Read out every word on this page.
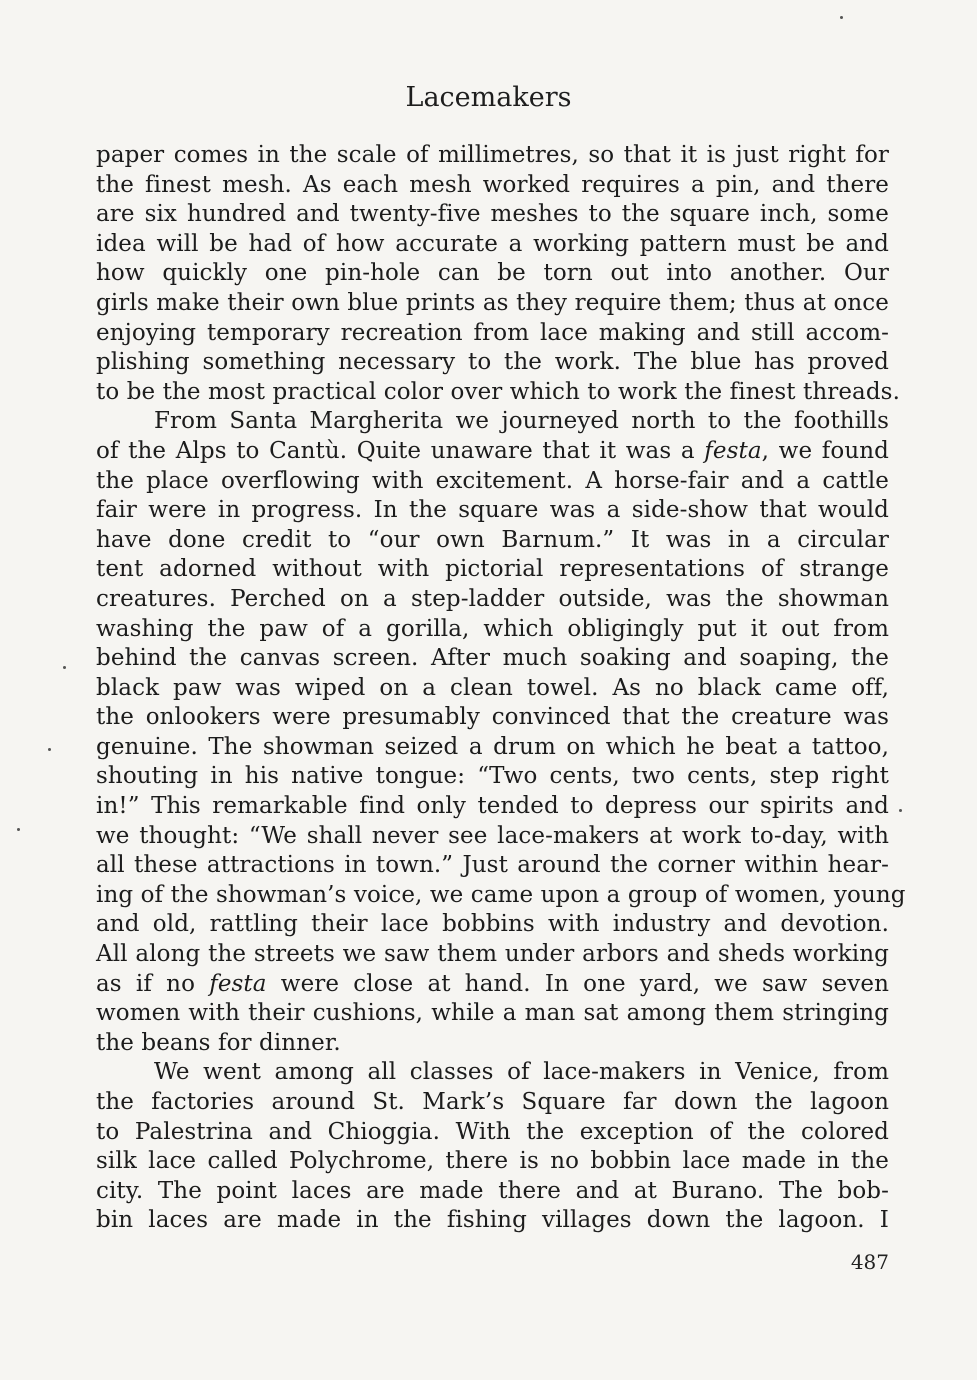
Lacemakers
paper comes in the scale of millimetres, so that it is just right for
the finest mesh. As each mesh worked requires a pin, and there
are six hundred and twenty-five meshes to the square inch, some
idea will be had of how accurate a working pattern must be and
how quickly one pin-hole can be torn out into another. Our
girls make their own blue prints as they require them; thus at once
enjoying temporary recreation from lace making and still accom-
plishing something necessary to the work. The blue has proved
to be the most practical color over which to work the finest threads.
From Santa Margherita we journeyed north to the foothills
of the Alps to Cantù. Quite unaware that it was a festa, we found
the place overflowing with excitement. A horse-fair and a cattle
fair were in progress. In the square was a side-show that would
have done credit to “our own Barnum.” It was in a circular
tent adorned without with pictorial representations of strange
creatures. Perched on a step-ladder outside, was the showman
washing the paw of a gorilla, which obligingly put it out from
behind the canvas screen. After much soaking and soaping, the
black paw was wiped on a clean towel. As no black came off,
the onlookers were presumably convinced that the creature was
genuine. The showman seized a drum on which he beat a tattoo,
shouting in his native tongue: “Two cents, two cents, step right
in!” This remarkable find only tended to depress our spirits and
we thought: “We shall never see lace-makers at work to-day, with
all these attractions in town.” Just around the corner within hear-
ing of the showman’s voice, we came upon a group of women, young
and old, rattling their lace bobbins with industry and devotion.
All along the streets we saw them under arbors and sheds working
as if no festa were close at hand. In one yard, we saw seven
women with their cushions, while a man sat among them stringing
the beans for dinner.
We went among all classes of lace-makers in Venice, from
the factories around St. Mark’s Square far down the lagoon
to Palestrina and Chioggia. With the exception of the colored
silk lace called Polychrome, there is no bobbin lace made in the
city. The point laces are made there and at Burano. The bob-
bin laces are made in the fishing villages down the lagoon. I
487
